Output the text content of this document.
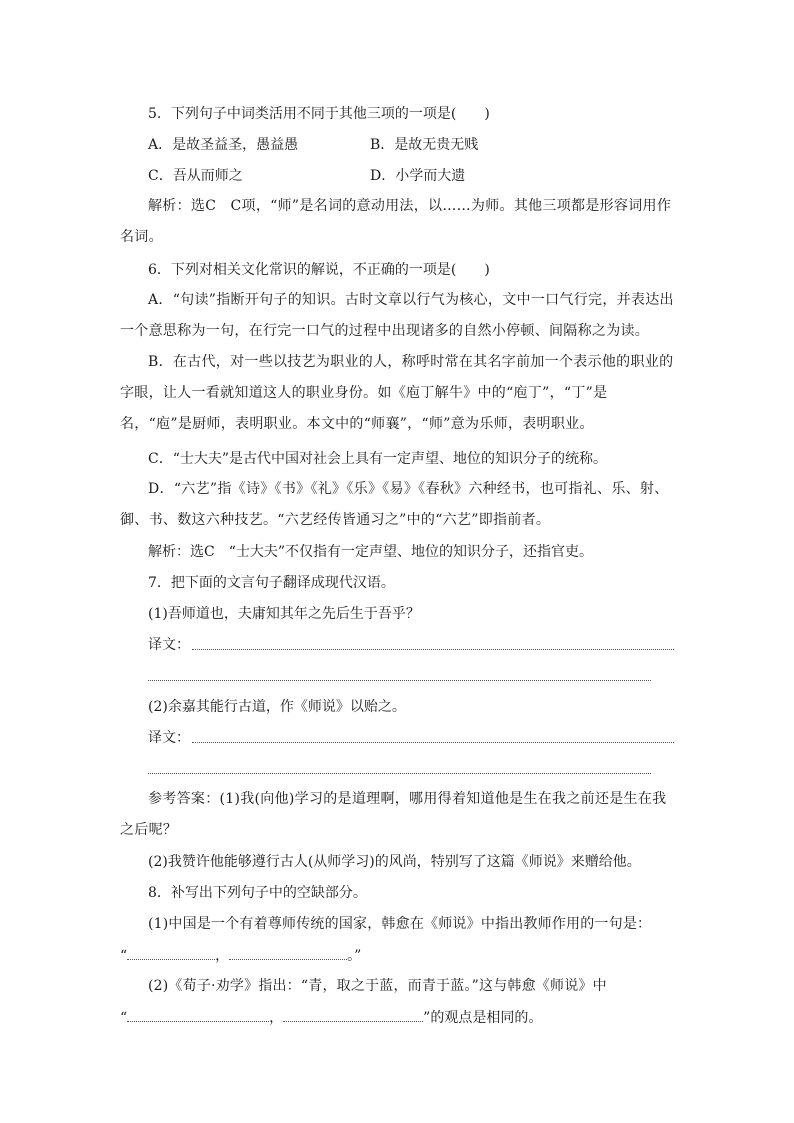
5．下列句子中词类活用不同于其他三项的一项是(　　)
A．是故圣益圣，愚益愚	B．是故无贵无贱
C．吾从而师之	D．小学而大遗
解析：选C　C项，“师”是名词的意动用法，以……为师。其他三项都是形容词用作名词。
6．下列对相关文化常识的解说，不正确的一项是(　　)
A．“句读”指断开句子的知识。古时文章以行气为核心，文中一口气行完，并表达出一个意思称为一句，在行完一口气的过程中出现诸多的自然小停顿、间隔称之为读。
B．在古代，对一些以技艺为职业的人，称呼时常在其名字前加一个表示他的职业的字眼，让人一看就知道这人的职业身份。如《庖丁解牛》中的“庖丁”，“丁”是名，“庖”是厨师，表明职业。本文中的“师襄”，“师”意为乐师，表明职业。
C．“士大夫”是古代中国对社会上具有一定声望、地位的知识分子的统称。
D．“六艺”指《诗》《书》《礼》《乐》《易》《春秋》六种经书，也可指礼、乐、射、御、书、数这六种技艺。“六艺经传皆通习之”中的“六艺”即指前者。
解析：选C　“士大夫”不仅指有一定声望、地位的知识分子，还指官吏。
7．把下面的文言句子翻译成现代汉语。
(1)吾师道也，夫庸知其年之先后生于吾乎？
译文：
(2)余嘉其能行古道，作《师说》以贻之。
译文：
参考答案：(1)我(向他)学习的是道理啊，哪用得着知道他是生在我之前还是生在我之后呢？
(2)我赞许他能够遵行古人(从师学习)的风尚，特别写了这篇《师说》来赠给他。
8．补写出下列句子中的空缺部分。
(1)中国是一个有着尊师传统的国家，韩愈在《师说》中指出教师作用的一句是：
“	，	。”
(2)《荀子·劝学》指出：“青，取之于蓝，而青于蓝。”这与韩愈《师说》中
“	，	”的观点是相同的。
